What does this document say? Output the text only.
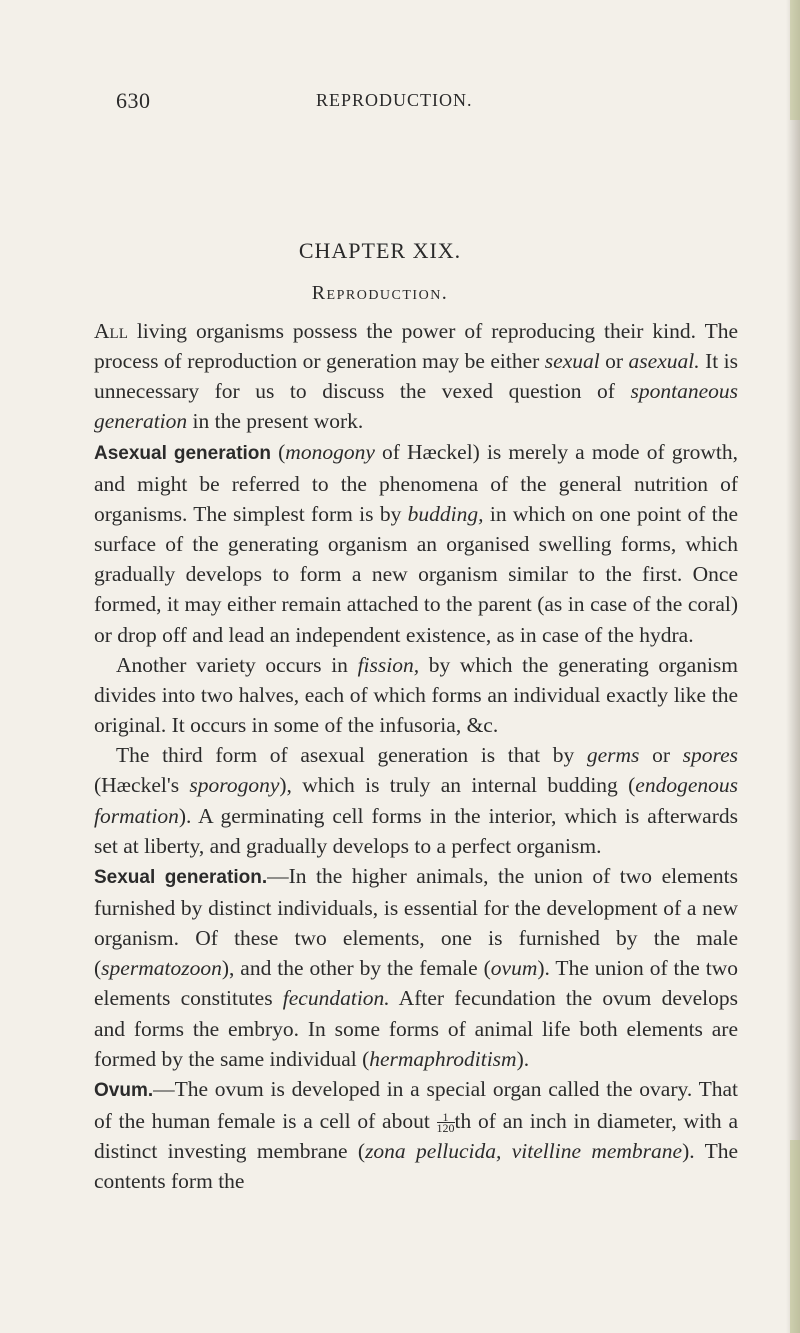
630	REPRODUCTION.
CHAPTER XIX.
Reproduction.

All living organisms possess the power of reproducing their kind. The process of reproduction or generation may be either sexual or asexual. It is unnecessary for us to discuss the vexed question of spontaneous generation in the present work.

Asexual generation (monogony of Hæckel) is merely a mode of growth, and might be referred to the phenomena of the general nutrition of organisms. The simplest form is by budding, in which on one point of the surface of the generating organism an organised swelling forms, which gradually develops to form a new organism similar to the first. Once formed, it may either remain attached to the parent (as in case of the coral) or drop off and lead an independent existence, as in case of the hydra.

Another variety occurs in fission, by which the generating organism divides into two halves, each of which forms an individual exactly like the original. It occurs in some of the infusoria, &c.

The third form of asexual generation is that by germs or spores (Hæckel's sporogony), which is truly an internal budding (endogenous formation). A germinating cell forms in the interior, which is afterwards set at liberty, and gradually develops to a perfect organism.

Sexual generation.—In the higher animals, the union of two elements furnished by distinct individuals, is essential for the development of a new organism. Of these two elements, one is furnished by the male (spermatozoon), and the other by the female (ovum). The union of the two elements constitutes fecundation. After fecundation the ovum develops and forms the embryo. In some forms of animal life both elements are formed by the same individual (hermaphroditism).

Ovum.—The ovum is developed in a special organ called the ovary. That of the human female is a cell of about $\frac{1}{120}$ th of an inch in diameter, with a distinct investing membrane (zona pellucida, vitelline membrane). The contents form the
